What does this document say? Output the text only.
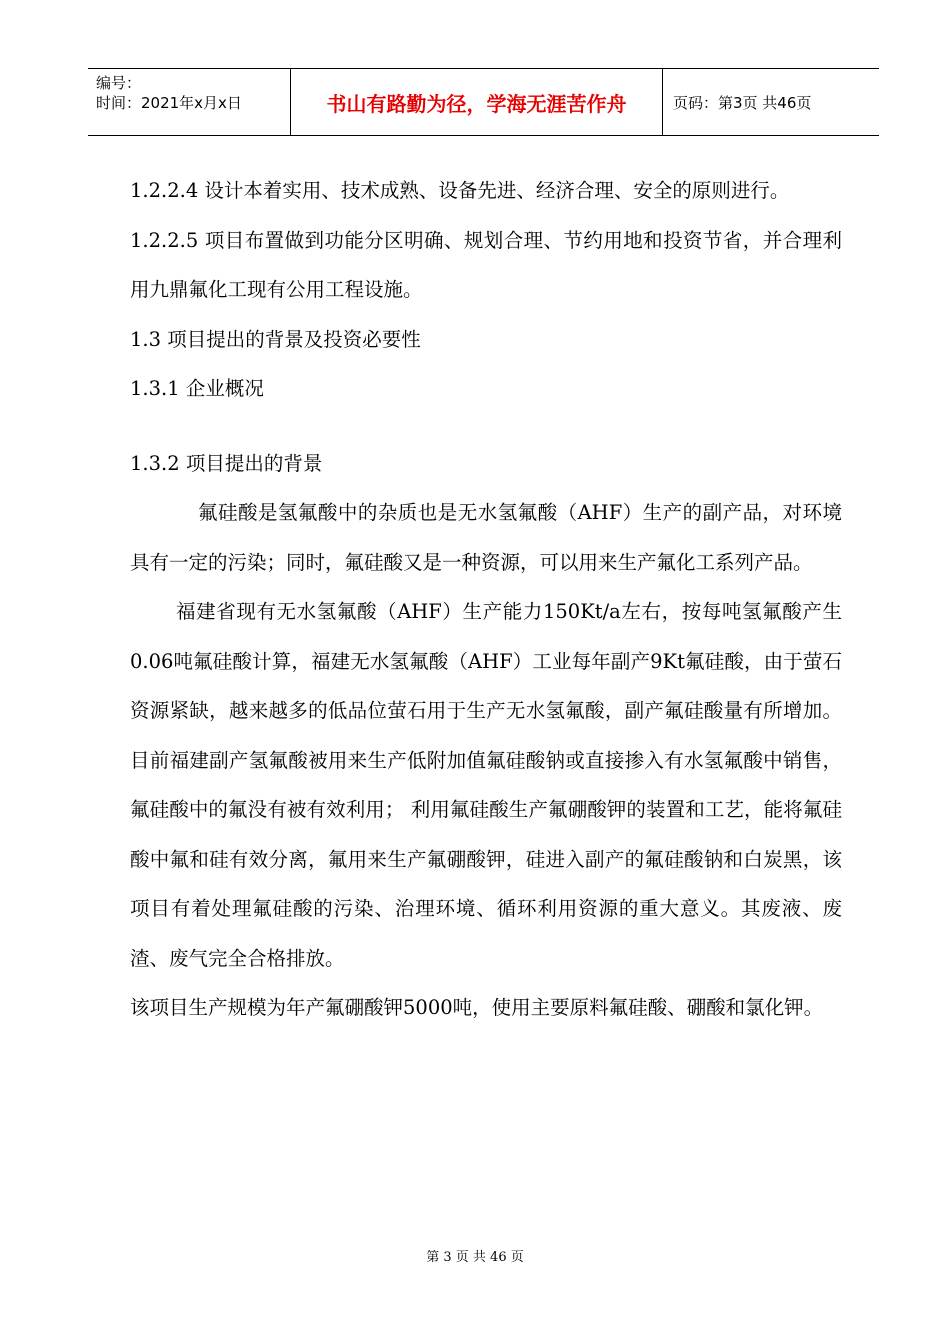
编号：
时间：2021年x月x日	书山有路勤为径，学海无涯苦作舟	页码：第3页 共46页

1.2.2.4 设计本着实用、技术成熟、设备先进、经济合理、安全的原则进行。

1.2.2.5 项目布置做到功能分区明确、规划合理、节约用地和投资节省，并合理利用九鼎氟化工现有公用工程设施。

1.3 项目提出的背景及投资必要性

1.3.1 企业概况

1.3.2 项目提出的背景

氟硅酸是氢氟酸中的杂质也是无水氢氟酸（AHF）生产的副产品，对环境具有一定的污染；同时，氟硅酸又是一种资源，可以用来生产氟化工系列产品。

福建省现有无水氢氟酸（AHF）生产能力150Kt/a左右，按每吨氢氟酸产生0.06吨氟硅酸计算，福建无水氢氟酸（AHF）工业每年副产9Kt氟硅酸，由于萤石资源紧缺，越来越多的低品位萤石用于生产无水氢氟酸，副产氟硅酸量有所增加。目前福建副产氢氟酸被用来生产低附加值氟硅酸钠或直接掺入有水氢氟酸中销售，氟硅酸中的氟没有被有效利用； 利用氟硅酸生产氟硼酸钾的装置和工艺，能将氟硅酸中氟和硅有效分离，氟用来生产氟硼酸钾，硅进入副产的氟硅酸钠和白炭黑，该项目有着处理氟硅酸的污染、治理环境、循环利用资源的重大意义。其废液、废渣、废气完全合格排放。

该项目生产规模为年产氟硼酸钾5000吨，使用主要原料氟硅酸、硼酸和氯化钾。

第 3 页 共 46 页
